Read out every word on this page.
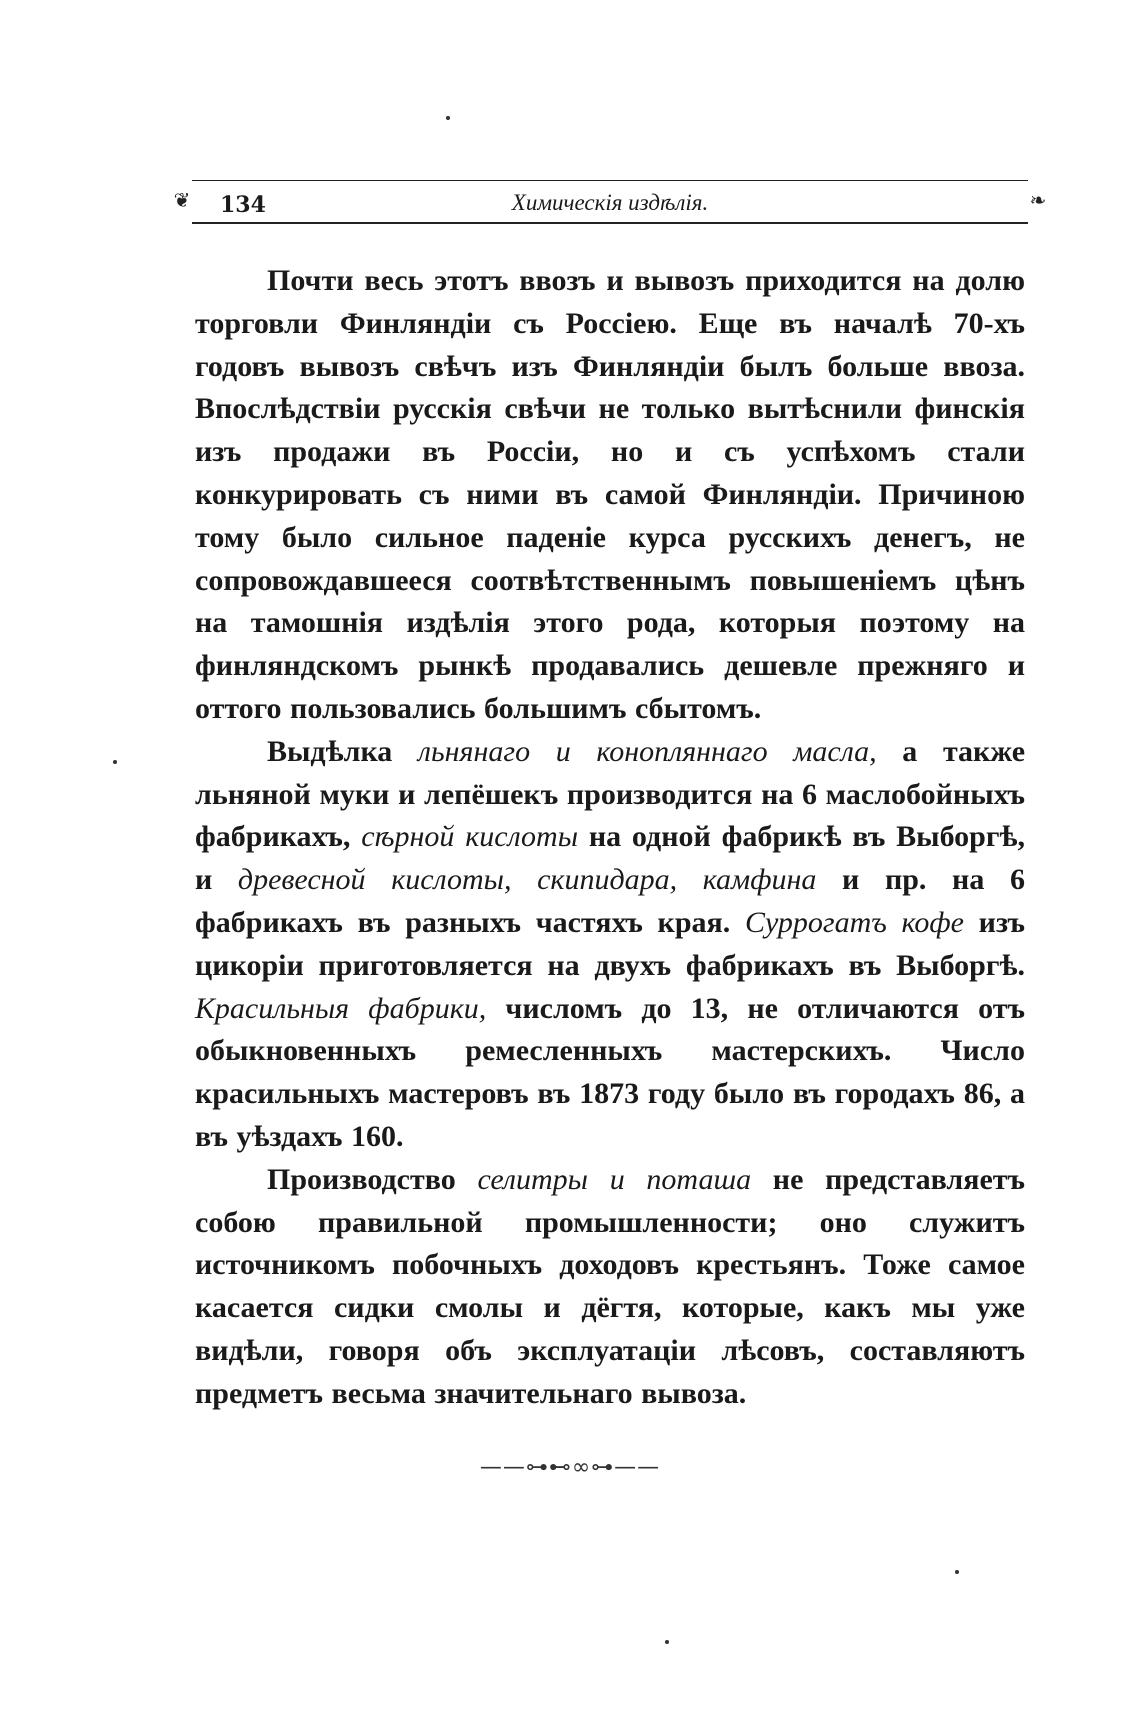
❦	❧
134	Химическія издѣлія.

Почти весь этотъ ввозъ и вывозъ приходится на долю торговли Финляндіи съ Россіею. Еще въ началѣ 70-хъ годовъ вывозъ свѣчъ изъ Финляндіи былъ больше ввоза. Впослѣдствіи русскія свѣчи не только вытѣснили финскія изъ продажи въ Россіи, но и съ успѣхомъ стали конкурировать съ ними въ самой Финляндіи. Причиною тому было сильное паденіе курса русскихъ денегъ, не сопровождавшееся соотвѣтственнымъ повышеніемъ цѣнъ на тамошнія издѣлія этого рода, которыя поэтому на финляндскомъ рынкѣ продавались дешевле прежняго и оттого пользовались большимъ сбытомъ.

Выдѣлка льнянаго и конопляннаго масла, а также льняной муки и лепёшекъ производится на 6 маслобойныхъ фабрикахъ, сѣрной кислоты на одной фабрикѣ въ Выборгѣ, и древесной кислоты, скипидара, камфина и пр. на 6 фабрикахъ въ разныхъ частяхъ края. Суррогатъ кофе изъ цикоріи приготовляется на двухъ фабрикахъ въ Выборгѣ. Красильныя фабрики, числомъ до 13, не отличаются отъ обыкновенныхъ ремесленныхъ мастерскихъ. Число красильныхъ мастеровъ въ 1873 году было въ городахъ 86, а въ уѣздахъ 160.

Производство селитры и поташа не представляетъ собою правильной промышленности; оно служитъ источникомъ побочныхъ доходовъ крестьянъ. Тоже самое касается сидки смолы и дёгтя, которые, какъ мы уже видѣли, говоря объ эксплуатаціи лѣсовъ, составляютъ предметъ весьма значительнаго вывоза.

——⊶⊷∞⊶——
